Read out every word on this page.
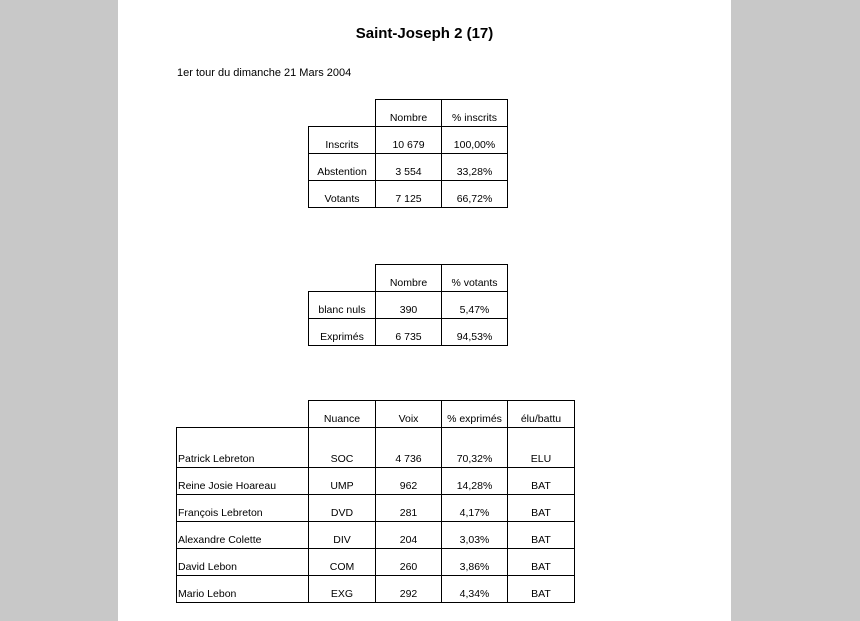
Saint-Joseph 2 (17)
1er tour du dimanche 21 Mars 2004
	Nombre	% inscrits
Inscrits	10 679	100,00%
Abstention	3 554	33,28%
Votants	7 125	66,72%
	Nombre	% votants
blanc nuls	390	5,47%
Exprimés	6 735	94,53%
	Nuance	Voix	% exprimés	élu/battu
Patrick Lebreton	SOC	4 736	70,32%	ELU
Reine Josie Hoareau	UMP	962	14,28%	BAT
François Lebreton	DVD	281	4,17%	BAT
Alexandre Colette	DIV	204	3,03%	BAT
David Lebon	COM	260	3,86%	BAT
Mario Lebon	EXG	292	4,34%	BAT
